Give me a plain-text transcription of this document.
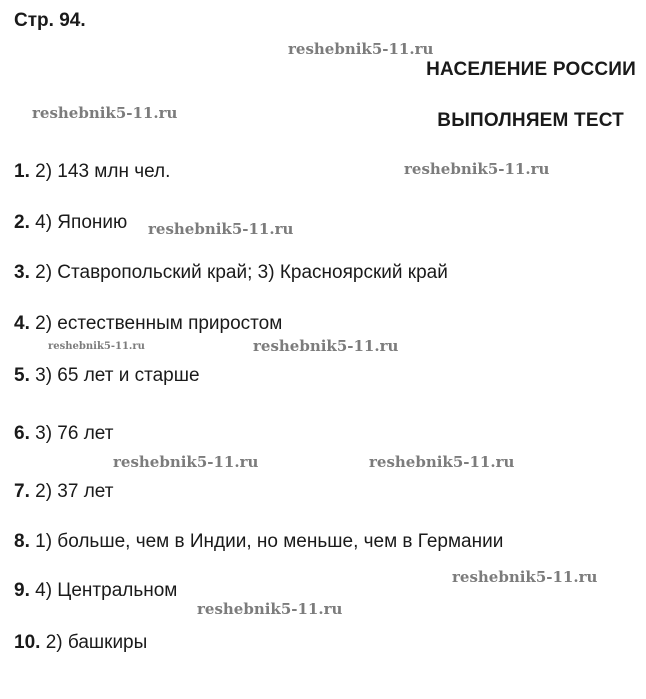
Стр. 94.
НАСЕЛЕНИЕ РОССИИ
ВЫПОЛНЯЕМ ТЕСТ
1. 2) 143 млн чел.
2. 4) Японию
3. 2) Ставропольский край; 3) Красноярский край
4. 2) естественным приростом
5. 3) 65 лет и старше
6. 3) 76 лет
7. 2) 37 лет
8. 1) больше, чем в Индии, но меньше, чем в Германии
9. 4) Центральном
10. 2) башкиры
reshebnik5-11.ru
reshebnik5-11.ru
reshebnik5-11.ru
reshebnik5-11.ru
reshebnik5-11.ru	reshebnik5-11.ru
reshebnik5-11.ru	reshebnik5-11.ru
reshebnik5-11.ru
reshebnik5-11.ru
